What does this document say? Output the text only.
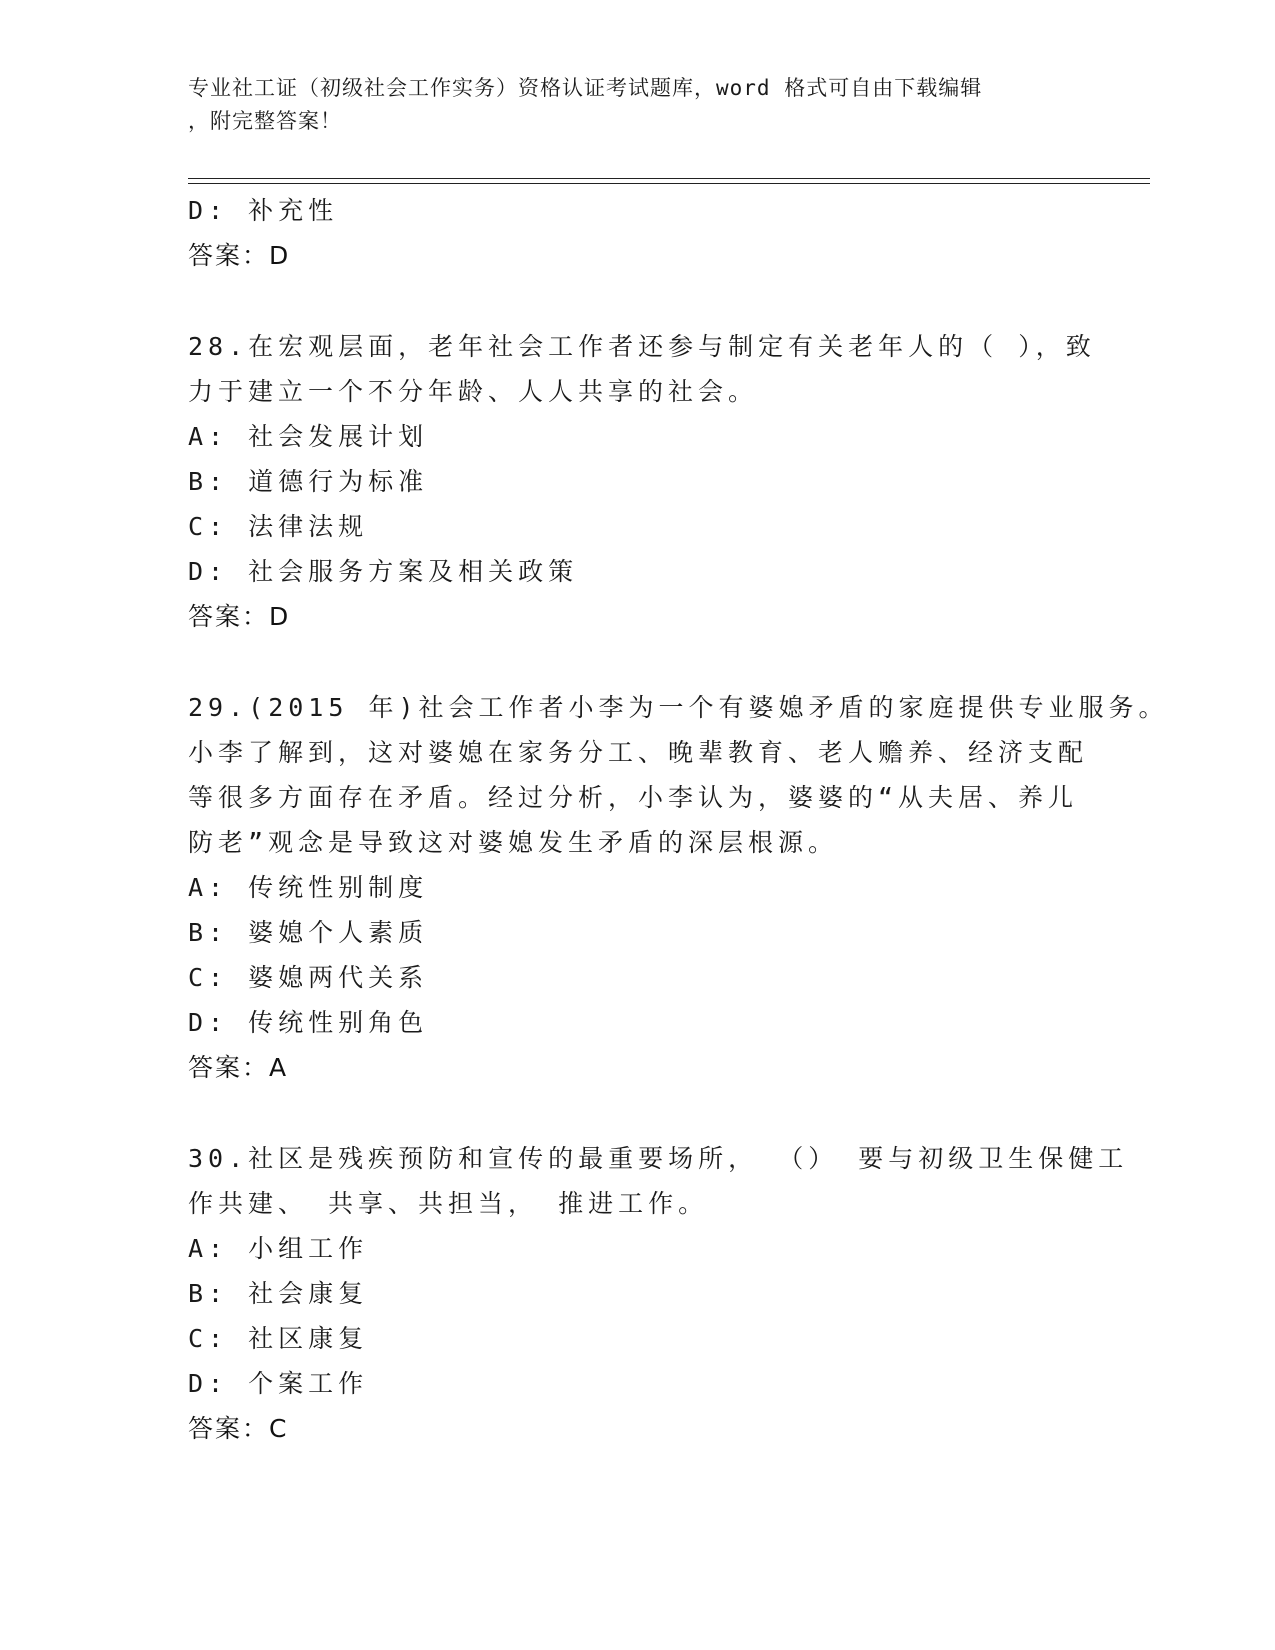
专业社工证（初级社会工作实务）资格认证考试题库，word 格式可自由下载编辑
，附完整答案！
D: 补充性
答案：D
28.在宏观层面，老年社会工作者还参与制定有关老年人的（ ），致
力于建立一个不分年龄、人人共享的社会。
A: 社会发展计划
B: 道德行为标准
C: 法律法规
D: 社会服务方案及相关政策
答案：D
29.(2015 年)社会工作者小李为一个有婆媳矛盾的家庭提供专业服务。
小李了解到，这对婆媳在家务分工、晚辈教育、老人赡养、经济支配
等很多方面存在矛盾。经过分析，小李认为，婆婆的“从夫居、养儿
防老”观念是导致这对婆媳发生矛盾的深层根源。
A: 传统性别制度
B: 婆媳个人素质
C: 婆媳两代关系
D: 传统性别角色
答案：A
30.社区是残疾预防和宣传的最重要场所， （） 要与初级卫生保健工
作共建、 共享、共担当， 推进工作。
A: 小组工作
B: 社会康复
C: 社区康复
D: 个案工作
答案：C
